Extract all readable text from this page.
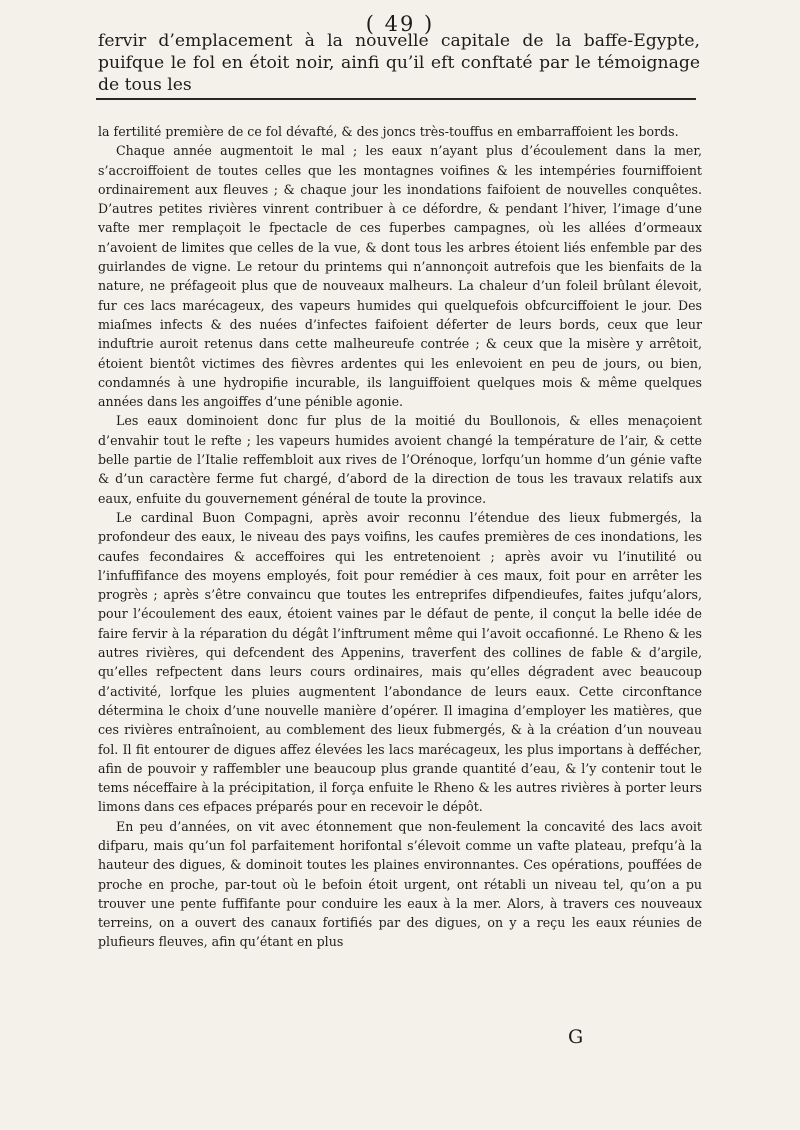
( 49 )
fervir d’emplacement à la nouvelle capitale de la baffe-Egypte, puifque le fol en étoit noir, ainfi qu’il eft conftaté par le témoignage de tous les

la fertilité première de ce fol dévafté, & des joncs très-touffus en embarraffoient les bords.

Chaque année augmentoit le mal ; les eaux n’ayant plus d’écoulement dans la mer, s’accroiffoient de toutes celles que les montagnes voifines & les intempéries fourniffoient ordinairement aux fleuves ; & chaque jour les inondations faifoient de nouvelles conquêtes. D’autres petites rivières vinrent contribuer à ce défordre, & pendant l’hiver, l’image d’une vafte mer remplaçoit le fpectacle de ces fuperbes campagnes, où les allées d’ormeaux n’avoient de limites que celles de la vue, & dont tous les arbres étoient liés enfemble par des guirlandes de vigne. Le retour du printems qui n’annonçoit autrefois que les bienfaits de la nature, ne préfageoit plus que de nouveaux malheurs. La chaleur d’un foleil brûlant élevoit, fur ces lacs marécageux, des vapeurs humides qui quelquefois obfcurciffoient le jour. Des miaſmes infects & des nuées d’infectes faifoient déferter de leurs bords, ceux que leur induftrie auroit retenus dans cette malheureufe contrée ; & ceux que la misère y arrêtoit, étoient bientôt victimes des fièvres ardentes qui les enlevoient en peu de jours, ou bien, condamnés à une hydropifie incurable, ils languiffoient quelques mois & même quelques années dans les angoiffes d’une pénible agonie.

Les eaux dominoient donc fur plus de la moitié du Boullonois, & elles menaçoient d’envahir tout le refte ; les vapeurs humides avoient changé la température de l’air, & cette belle partie de l’Italie reffembloit aux rives de l’Orénoque, lorfqu’un homme d’un génie vafte & d’un caractère ferme fut chargé, d’abord de la direction de tous les travaux relatifs aux eaux, enfuite du gouvernement général de toute la province.

Le cardinal Buon Compagni, après avoir reconnu l’étendue des lieux fubmergés, la profondeur des eaux, le niveau des pays voifins, les caufes premières de ces inondations, les caufes fecondaires & acceffoires qui les entretenoient ; après avoir vu l’inutilité ou l’infuffifance des moyens employés, foit pour remédier à ces maux, foit pour en arrêter les progrès ; après s’être convaincu que toutes les entreprifes difpendieufes, faites jufqu’alors, pour l’écoulement des eaux, étoient vaines par le défaut de pente, il conçut la belle idée de faire fervir à la réparation du dégât l’inftrument même qui l’avoit occafionné. Le Rheno & les autres rivières, qui defcendent des Appenins, traverfent des collines de fable & d’argile, qu’elles refpectent dans leurs cours ordinaires, mais qu’elles dégradent avec beaucoup d’activité, lorfque les pluies augmentent l’abondance de leurs eaux. Cette circonftance détermina le choix d’une nouvelle manière d’opérer. Il imagina d’employer les matières, que ces rivières entraînoient, au comblement des lieux fubmergés, & à la création d’un nouveau fol. Il fit entourer de digues affez élevées les lacs marécageux, les plus importans à deffécher, afin de pouvoir y raffembler une beaucoup plus grande quantité d’eau, & l’y contenir tout le tems néceffaire à la précipitation, il força enfuite le Rheno & les autres rivières à porter leurs limons dans ces efpaces préparés pour en recevoir le dépôt.

En peu d’années, on vit avec étonnement que non-feulement la concavité des lacs avoit difparu, mais qu’un fol parfaitement horifontal s’élevoit comme un vafte plateau, prefqu’à la hauteur des digues, & dominoit toutes les plaines environnantes. Ces opérations, pouffées de proche en proche, par-tout où le befoin étoit urgent, ont rétabli un niveau tel, qu’on a pu trouver une pente fuffifante pour conduire les eaux à la mer. Alors, à travers ces nouveaux terreins, on a ouvert des canaux fortifiés par des digues, on y a reçu les eaux réunies de plufieurs fleuves, afin qu’étant en plus

G
